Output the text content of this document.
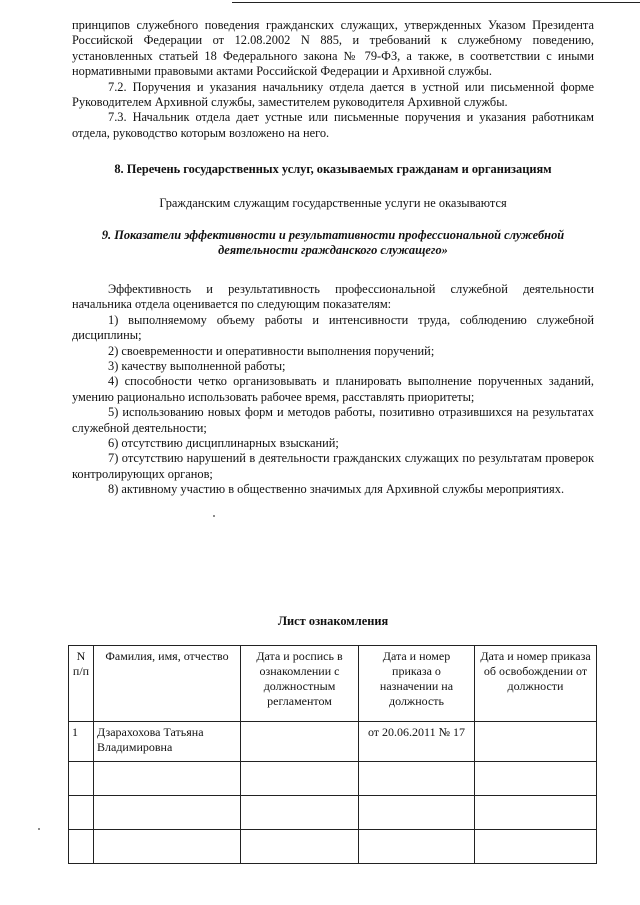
принципов служебного поведения гражданских служащих, утвержденных Указом Президента Российской Федерации от 12.08.2002 N 885, и требований к служебному поведению, установленных статьей 18 Федерального закона № 79-ФЗ, а также, в соответствии с иными нормативными правовыми актами Российской Федерации и Архивной службы.

7.2. Поручения и указания начальнику отдела дается в устной или письменной форме Руководителем Архивной службы, заместителем руководителя Архивной службы.

7.3. Начальник отдела дает устные или письменные поручения и указания работникам отдела, руководство которым возложено на него.

8. Перечень государственных услуг, оказываемых гражданам и организациям

Гражданским служащим государственные услуги не оказываются

9. Показатели эффективности и результативности профессиональной служебной
деятельности гражданского служащего»

Эффективность и результативность профессиональной служебной деятельности начальника отдела оценивается по следующим показателям:

1) выполняемому объему работы и интенсивности труда, соблюдению служебной дисциплины;

2) своевременности и оперативности выполнения поручений;

3) качеству выполненной работы;

4) способности четко организовывать и планировать выполнение порученных заданий, умению рационально использовать рабочее время, расставлять приоритеты;

5) использованию новых форм и методов работы, позитивно отразившихся на результатах служебной деятельности;

6) отсутствию дисциплинарных взысканий;

7) отсутствию нарушений в деятельности гражданских служащих по результатам проверок контролирующих органов;

8) активному участию в общественно значимых для Архивной службы мероприятиях.

Лист ознакомления
N п/п	Фамилия, имя, отчество	Дата и роспись в ознакомлении с должностным регламентом	Дата и номер приказа о назначении на должность	Дата и номер приказа об освобождении от должности
1	Дзарахохова Татьяна Владимировна		от 20.06.2011 № 17	
